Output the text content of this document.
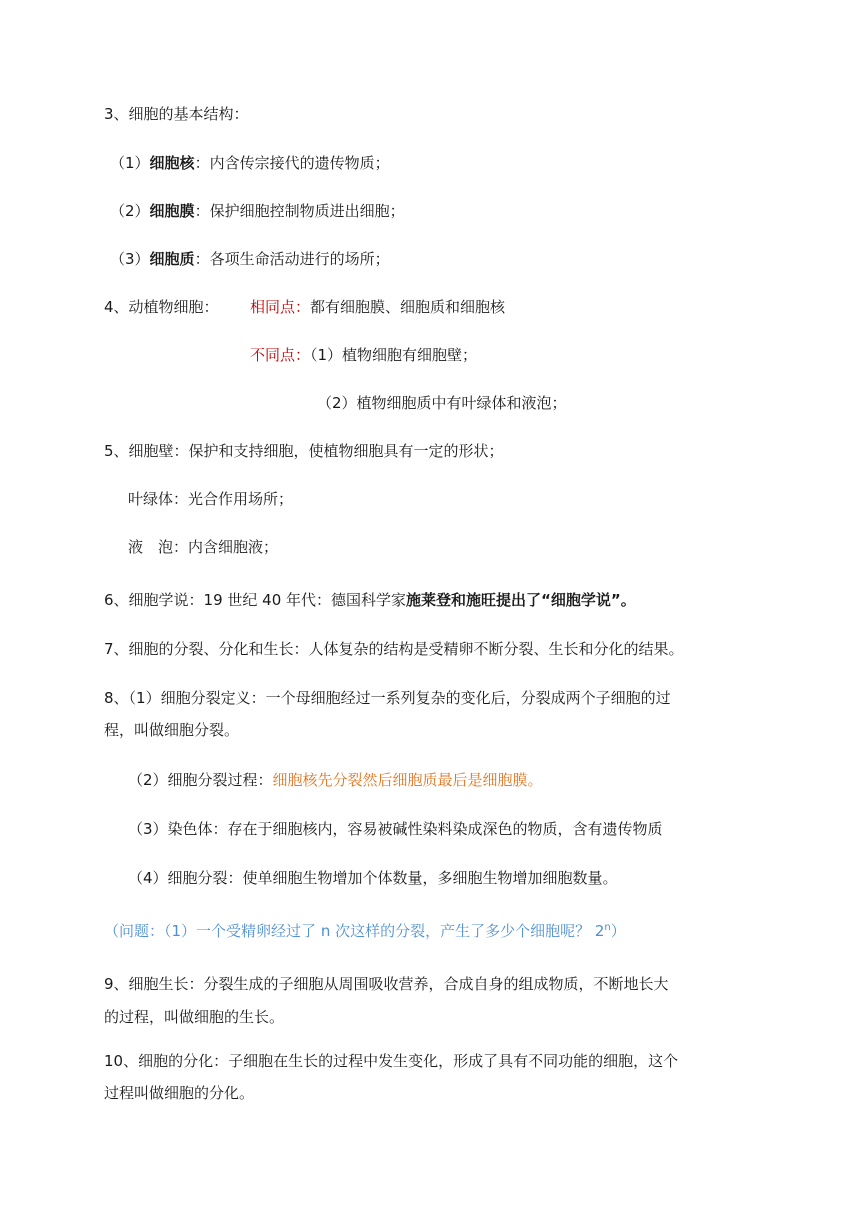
3、细胞的基本结构：
（1）细胞核：内含传宗接代的遗传物质；
（2）细胞膜：保护细胞控制物质进出细胞；
（3）细胞质：各项生命活动进行的场所；
4、动植物细胞： 相同点：都有细胞膜、细胞质和细胞核
不同点：（1）植物细胞有细胞壁；
（2）植物细胞质中有叶绿体和液泡；
5、细胞壁：保护和支持细胞，使植物细胞具有一定的形状；
叶绿体：光合作用场所；
液　泡：内含细胞液；
6、细胞学说：19 世纪 40 年代：德国科学家施莱登和施旺提出了“细胞学说”。
7、细胞的分裂、分化和生长：人体复杂的结构是受精卵不断分裂、生长和分化的结果。
8、（1）细胞分裂定义：一个母细胞经过一系列复杂的变化后，分裂成两个子细胞的过
程，叫做细胞分裂。
（2）细胞分裂过程：细胞核先分裂然后细胞质最后是细胞膜。
（3）染色体：存在于细胞核内，容易被碱性染料染成深色的物质，含有遗传物质
（4）细胞分裂：使单细胞生物增加个体数量，多细胞生物增加细胞数量。
（问题：（1）一个受精卵经过了 n 次这样的分裂，产生了多少个细胞呢？ 2$^n$）
9、细胞生长：分裂生成的子细胞从周围吸收营养，合成自身的组成物质，不断地长大
的过程，叫做细胞的生长。
10、细胞的分化：子细胞在生长的过程中发生变化，形成了具有不同功能的细胞，这个
过程叫做细胞的分化。
